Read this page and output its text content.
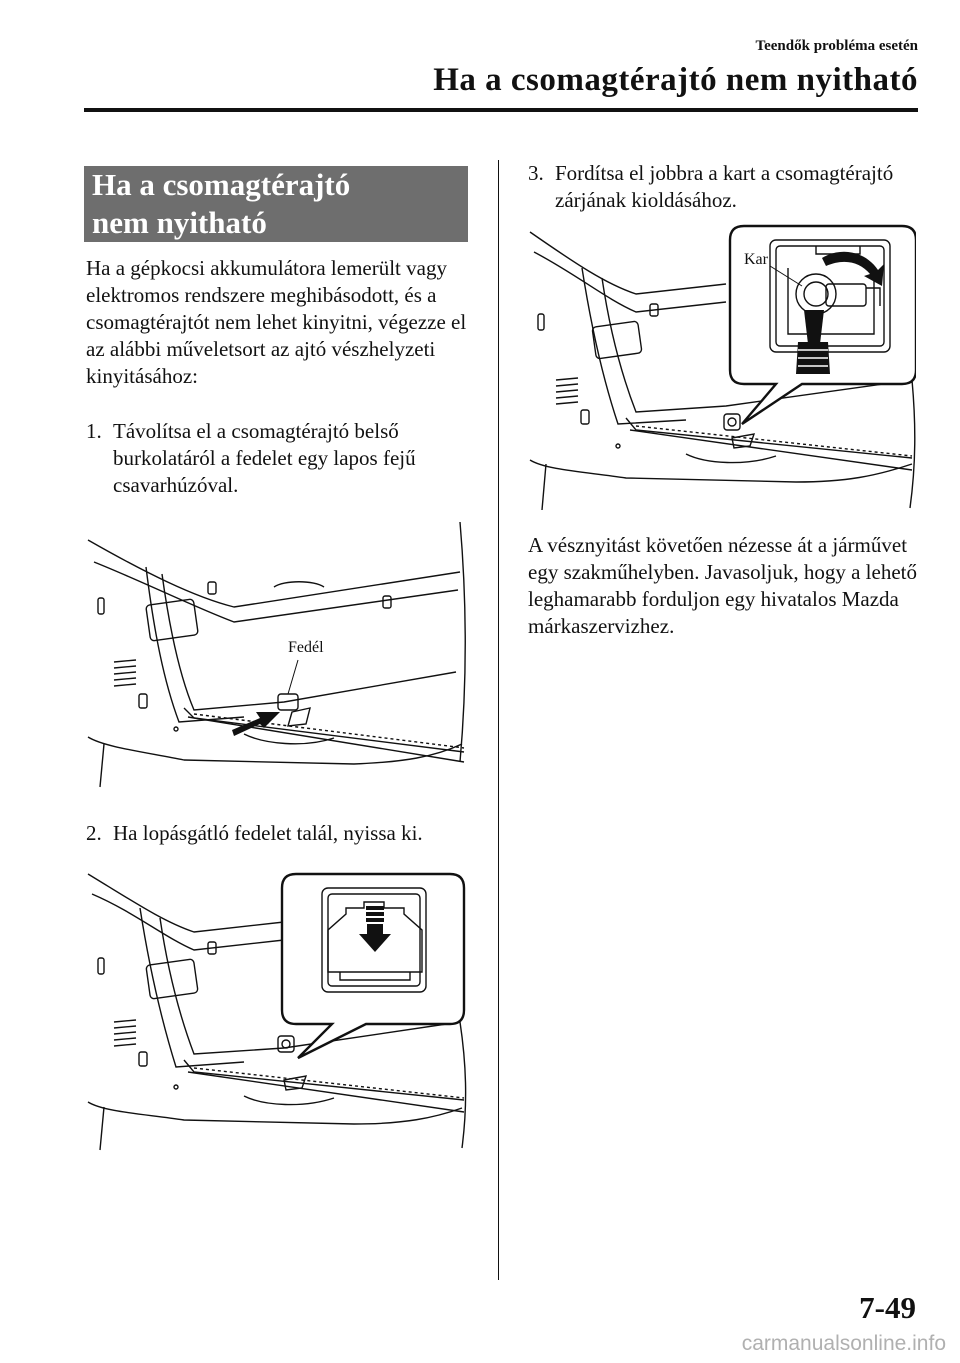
Teendők probléma esetén
Ha a csomagtérajtó nem nyitható
Ha a csomagtérajtó
nem nyitható
Ha a gépkocsi akkumulátora lemerült vagy elektromos rendszere meghibásodott, és a csomagtérajtót nem lehet kinyitni, végezze el az alábbi műveletsort az ajtó vészhelyzeti kinyitásához:
1. Távolítsa el a csomagtérajtó belső burkolatáról a fedelet egy lapos fejű csavarhúzóval.
Fedél
2. Ha lopásgátló fedelet talál, nyissa ki.
3. Fordítsa el jobbra a kart a csomagtérajtó zárjának kioldásához.
Kar
A vésznyitást követően nézesse át a járművet egy szakműhelyben. Javasoljuk, hogy a lehető leghamarabb forduljon egy hivatalos Mazda márkaszervizhez.
7-49
carmanualsonline.info
